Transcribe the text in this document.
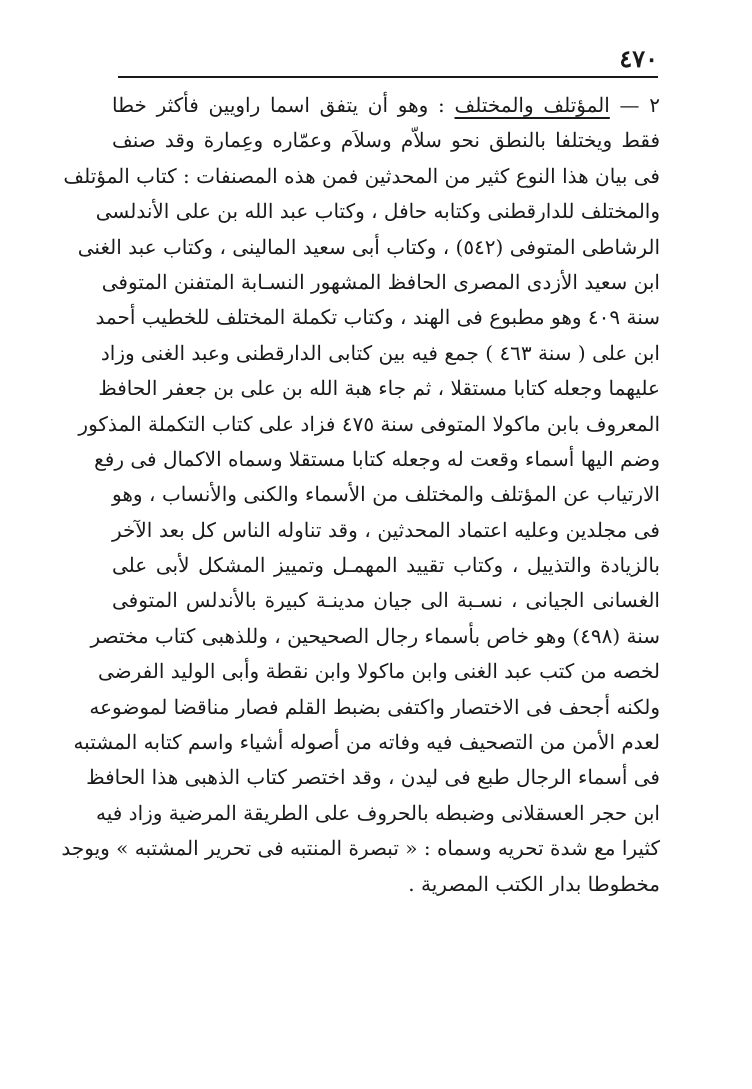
٤٧٠
٢ — المؤتلف والمختلف : وهو أن يتفق اسما راويين فأكثر خطا
فقط ويختلفا بالنطق نحو سلاّم وسلاَم وعمّاره وعِمارة وقد صنف
فى بيان هذا النوع كثير من المحدثين فمن هذه المصنفات : كتاب المؤتلف
والمختلف للدارقطنى وكتابه حافل ، وكتاب عبد الله بن على الأندلسى
الرشاطى المتوفى (٥٤٢) ، وكتاب أبى سعيد المالينى ، وكتاب عبد الغنى
ابن سعيد الأزدى المصرى الحافظ المشهور النسـابة المتفنن المتوفى
سنة ٤٠٩ وهو مطبوع فى الهند ، وكتاب تكملة المختلف للخطيب أحمد
ابن على ( سنة ٤٦٣ ) جمع فيه بين كتابى الدارقطنى وعبد الغنى وزاد
عليهما وجعله كتابا مستقلا ، ثم جاء هبة الله بن على بن جعفر الحافظ
المعروف بابن ماكولا المتوفى سنة ٤٧٥ فزاد على كتاب التكملة المذكور
وضم اليها أسماء وقعت له وجعله كتابا مستقلا وسماه الاكمال فى رفع
الارتياب عن المؤتلف والمختلف من الأسماء والكنى والأنساب ، وهو
فى مجلدين وعليه اعتماد المحدثين ، وقد تناوله الناس كل بعد الآخر
بالزيادة والتذييل ، وكتاب تقييد المهمـل وتمييز المشكل لأبى على
الغسانى الجيانى ، نسـبة الى جيان مدينـة كبيرة بالأندلس المتوفى
سنة (٤٩٨) وهو خاص بأسماء رجال الصحيحين ، وللذهبى كتاب مختصر
لخصه من كتب عبد الغنى وابن ماكولا وابن نقطة وأبى الوليد الفرضى
ولكنه أجحف فى الاختصار واكتفى بضبط القلم فصار مناقضا لموضوعه
لعدم الأمن من التصحيف فيه وفاته من أصوله أشياء واسم كتابه المشتبه
فى أسماء الرجال طبع فى ليدن ، وقد اختصر كتاب الذهبى هذا الحافظ
ابن حجر العسقلانى وضبطه بالحروف على الطريقة المرضية وزاد فيه
كثيرا مع شدة تحريه وسماه : « تبصرة المنتبه فى تحرير المشتبه » ويوجد
مخطوطا بدار الكتب المصرية .
